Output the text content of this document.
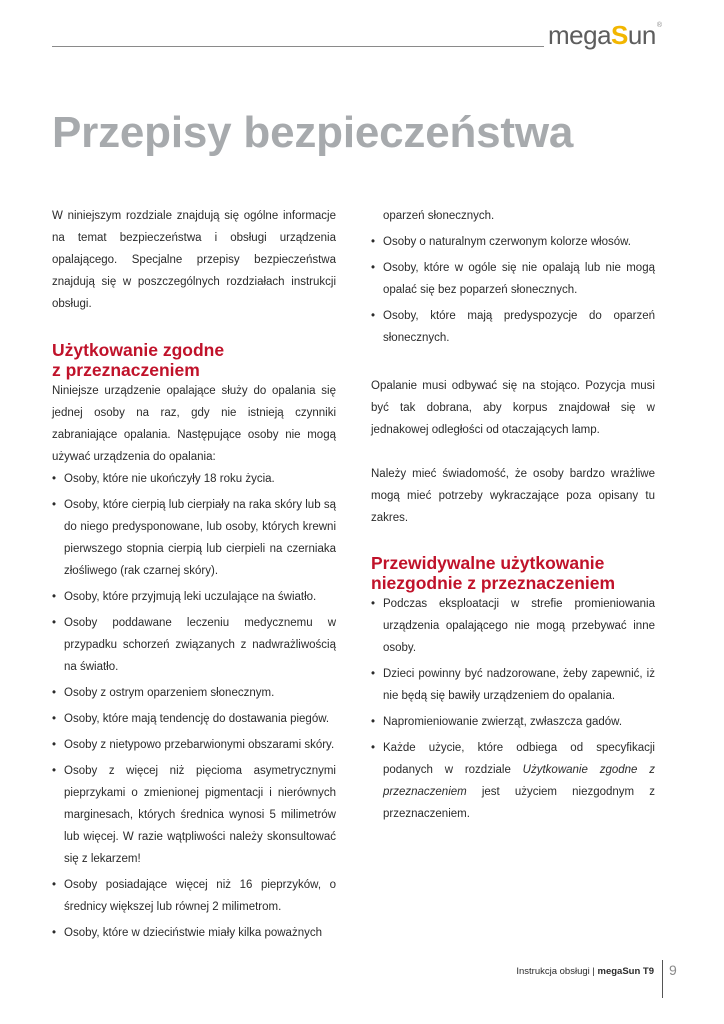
megaSun®
Przepisy bezpieczeństwa

W niniejszym rozdziale znajdują się ogólne informacje na temat bezpieczeństwa i obsługi urządzenia opalającego. Specjalne przepisy bezpieczeństwa znajdują się w poszczególnych rozdziałach instrukcji obsługi.

Użytkowanie zgodne
z przeznaczeniem

Niniejsze urządzenie opalające służy do opalania się jednej osoby na raz, gdy nie istnieją czynniki zabraniające opalania. Następujące osoby nie mogą używać urządzenia do opalania:

• Osoby, które nie ukończyły 18 roku życia.
• Osoby, które cierpią lub cierpiały na raka skóry lub są do niego predysponowane, lub osoby, których krewni pierwszego stopnia cierpią lub cierpieli na czerniaka złośliwego (rak czarnej skóry).
• Osoby, które przyjmują leki uczulające na światło.
• Osoby poddawane leczeniu medycznemu w przypadku schorzeń związanych z nadwrażliwością na światło.
• Osoby z ostrym oparzeniem słonecznym.
• Osoby, które mają tendencję do dostawania piegów.
• Osoby z nietypowo przebarwionymi obszarami skóry.
• Osoby z więcej niż pięcioma asymetrycznymi pieprzykami o zmienionej pigmentacji i nierównych marginesach, których średnica wynosi 5 milimetrów lub więcej. W razie wątpliwości należy skonsultować się z lekarzem!
• Osoby posiadające więcej niż 16 pieprzyków, o średnicy większej lub równej 2 milimetrom.
• Osoby, które w dzieciństwie miały kilka poważnych
oparzeń słonecznych.
• Osoby o naturalnym czerwonym kolorze włosów.
• Osoby, które w ogóle się nie opalają lub nie mogą opalać się bez poparzeń słonecznych.
• Osoby, które mają predyspozycje do oparzeń słonecznych.

Opalanie musi odbywać się na stojąco. Pozycja musi być tak dobrana, aby korpus znajdował się w jednakowej odległości od otaczających lamp.

Należy mieć świadomość, że osoby bardzo wrażliwe mogą mieć potrzeby wykraczające poza opisany tu zakres.

Przewidywalne użytkowanie
niezgodnie z przeznaczeniem
• Podczas eksploatacji w strefie promieniowania urządzenia opalającego nie mogą przebywać inne osoby.
• Dzieci powinny być nadzorowane, żeby zapewnić, iż nie będą się bawiły urządzeniem do opalania.
• Napromieniowanie zwierząt, zwłaszcza gadów.
• Każde użycie, które odbiega od specyfikacji podanych w rozdziale Użytkowanie zgodne z przeznaczeniem jest użyciem niezgodnym z przeznaczeniem.
Instrukcja obsługi | megaSun T9 9
